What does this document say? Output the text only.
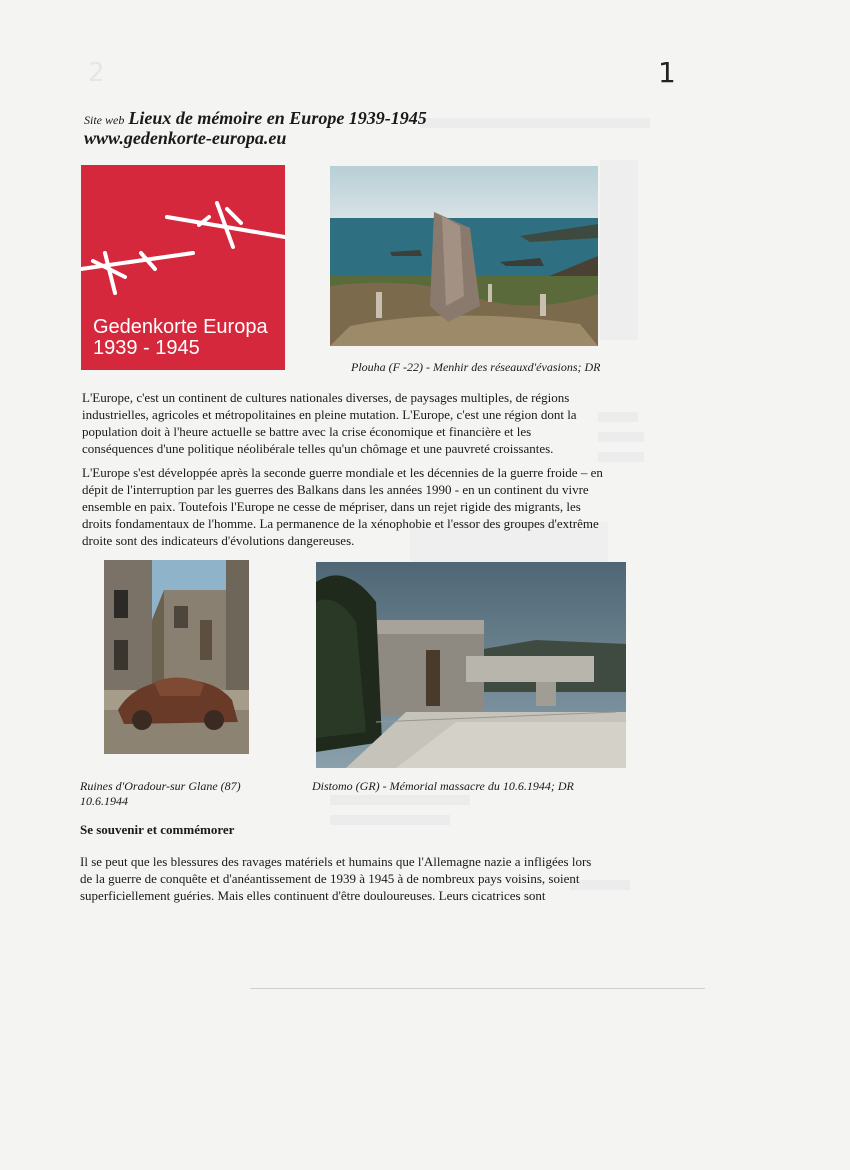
2	1
Site web Lieux de mémoire en Europe 1939-1945
www.gedenkorte-europa.eu
Gedenkorte Europa
1939 - 1945
Plouha (F -22) - Menhir des réseauxd'évasions; DR
L'Europe, c'est un continent de cultures nationales diverses, de paysages multiples, de régions
industrielles, agricoles et métropolitaines en pleine mutation. L'Europe, c'est une région dont la
population doit à l'heure actuelle se battre avec la crise économique et financière et les
conséquences d'une politique néolibérale telles qu'un chômage et une pauvreté croissantes.
L'Europe s'est développée après la seconde guerre mondiale et les décennies de la guerre froide – en
dépit de l'interruption par les guerres des Balkans dans les années 1990 - en un continent du vivre
ensemble en paix. Toutefois l'Europe ne cesse de mépriser, dans un rejet rigide des migrants, les
droits fondamentaux de l'homme. La permanence de la xénophobie et l'essor des groupes d'extrême
droite sont des indicateurs d'évolutions dangereuses.
Ruines d'Oradour-sur Glane (87)
10.6.1944
Distomo (GR) - Mémorial massacre du 10.6.1944; DR
Se souvenir et commémorer
Il se peut que les blessures des ravages matériels et humains que l'Allemagne nazie a infligées lors
de la guerre de conquête et d'anéantissement de 1939 à 1945 à de nombreux pays voisins, soient
superficiellement guéries. Mais elles continuent d'être douloureuses. Leurs cicatrices sont
